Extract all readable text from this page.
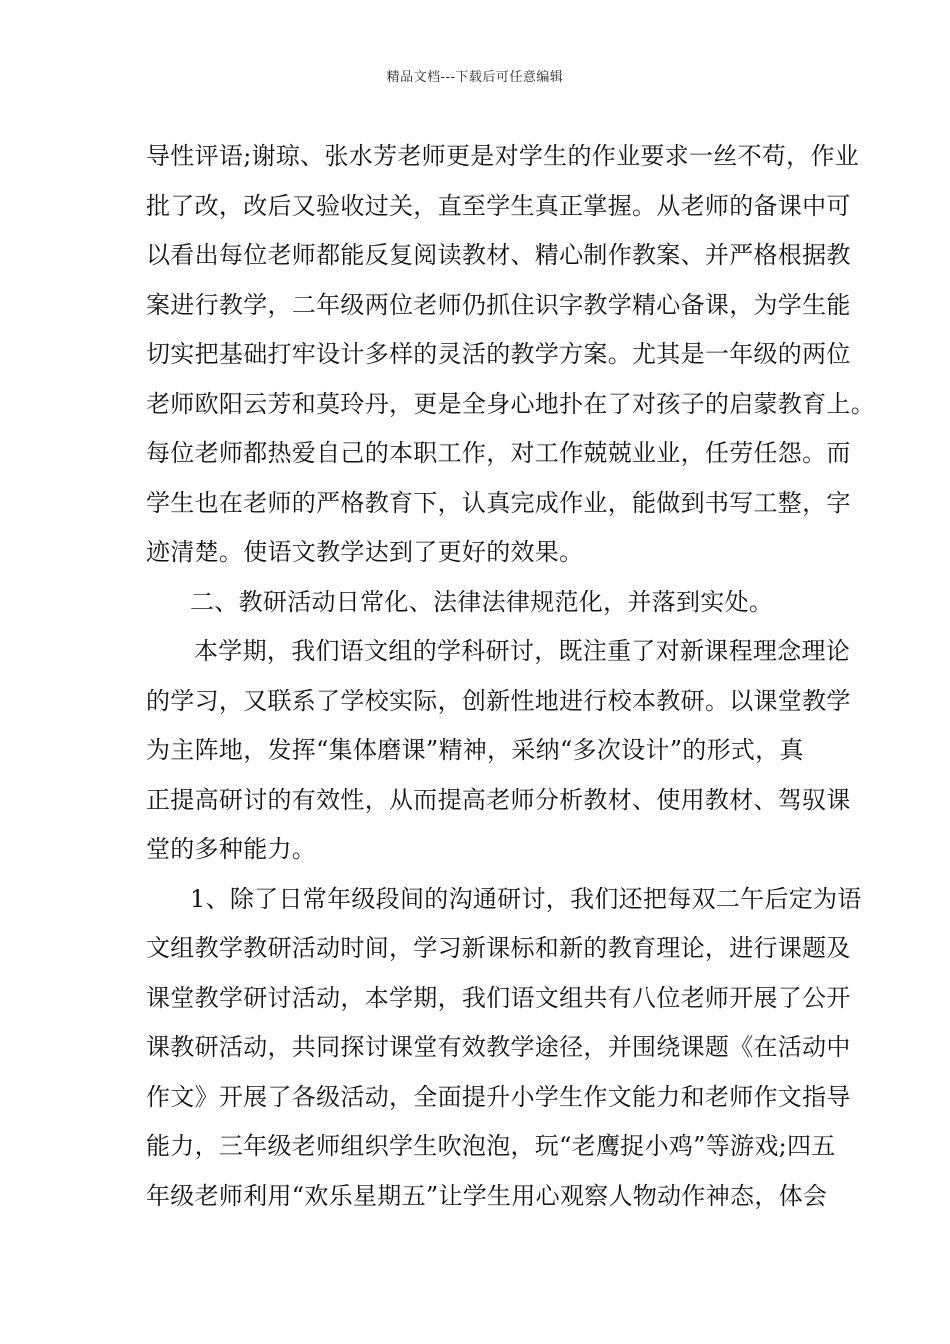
精品文档---下载后可任意编辑
导性评语;谢琼、张水芳老师更是对学生的作业要求一丝不苟，作业
批了改，改后又验收过关，直至学生真正掌握。从老师的备课中可
以看出每位老师都能反复阅读教材、精心制作教案、并严格根据教
案进行教学，二年级两位老师仍抓住识字教学精心备课，为学生能
切实把基础打牢设计多样的灵活的教学方案。尤其是一年级的两位
老师欧阳云芳和莫玲丹，更是全身心地扑在了对孩子的启蒙教育上。
每位老师都热爱自己的本职工作，对工作兢兢业业，任劳任怨。而
学生也在老师的严格教育下，认真完成作业，能做到书写工整，字
迹清楚。使语文教学达到了更好的效果。
二、教研活动日常化、法律法律规范化，并落到实处。
本学期，我们语文组的学科研讨，既注重了对新课程理念理论
的学习，又联系了学校实际，创新性地进行校本教研。以课堂教学
为主阵地，发挥“集体磨课”精神，采纳“多次设计”的形式，真
正提高研讨的有效性，从而提高老师分析教材、使用教材、驾驭课
堂的多种能力。
1、除了日常年级段间的沟通研讨，我们还把每双二午后定为语
文组教学教研活动时间，学习新课标和新的教育理论，进行课题及
课堂教学研讨活动，本学期，我们语文组共有八位老师开展了公开
课教研活动，共同探讨课堂有效教学途径，并围绕课题《在活动中
作文》开展了各级活动，全面提升小学生作文能力和老师作文指导
能力，三年级老师组织学生吹泡泡，玩“老鹰捉小鸡”等游戏;四五
年级老师利用“欢乐星期五”让学生用心观察人物动作神态，体会
